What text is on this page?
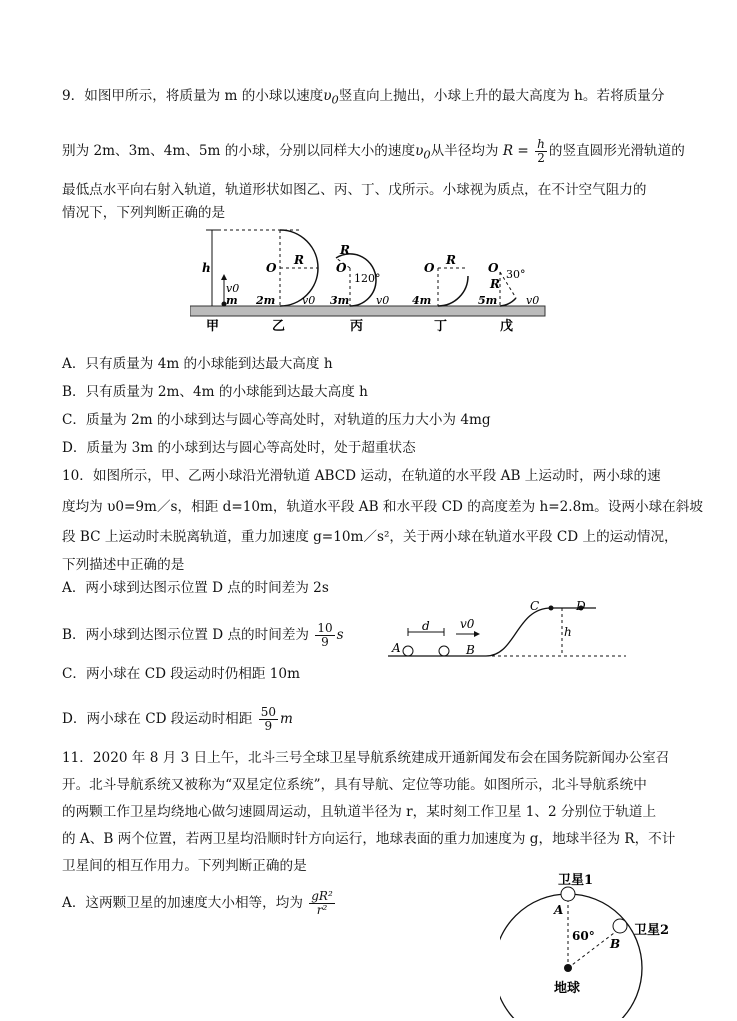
9．如图甲所示，将质量为 m 的小球以速度$\upsilon_0$竖直向上抛出，小球上升的最大高度为 h。若将质量分
别为 2m、3m、4m、5m 的小球，分别以同样大小的速度$\upsilon_0$从半径均为 $R = \frac{h}{2}$ 的竖直圆形光滑轨道的
最低点水平向右射入轨道，轨道形状如图乙、丙、丁、戊所示。小球视为质点，在不计空气阻力的
情况下，下列判断正确的是
h
v0
m
O
R
2m v0
乙
O
R
120°
3m v0
丙
O
R
4m
丁
O
R
30°
5m	v0
戊
甲
A．只有质量为 4m 的小球能到达最大高度 h
B．只有质量为 2m、4m 的小球能到达最大高度 h
C．质量为 2m 的小球到达与圆心等高处时，对轨道的压力大小为 4mg
D．质量为 3m 的小球到达与圆心等高处时，处于超重状态
10．如图所示，甲、乙两小球沿光滑轨道 ABCD 运动，在轨道的水平段 AB 上运动时，两小球的速
度均为 υ0=9m／s，相距 d=10m，轨道水平段 AB 和水平段 CD 的高度差为 h=2.8m。设两小球在斜坡
段 BC 上运动时未脱离轨道，重力加速度 g=10m／s²，关于两小球在轨道水平段 CD 上的运动情况，
下列描述中正确的是
A．两小球到达图示位置 D 点的时间差为 2s
B．两小球到达图示位置 D 点的时间差为 $\frac{10}{9}$ s
C．两小球在 CD 段运动时仍相距 10m
D．两小球在 CD 段运动时相距 $\frac{50}{9}$ m
A	B
C	D
d	v0
h
11．2020 年 8 月 3 日上午，北斗三号全球卫星导航系统建成开通新闻发布会在国务院新闻办公室召
开。北斗导航系统又被称为“双星定位系统”，具有导航、定位等功能。如图所示，北斗导航系统中
的两颗工作卫星均绕地心做匀速圆周运动，且轨道半径为 r，某时刻工作卫星 1、2 分别位于轨道上
的 A、B 两个位置，若两卫星均沿顺时针方向运行，地球表面的重力加速度为 g，地球半径为 R，不计
卫星间的相互作用力。下列判断正确的是
A．这两颗卫星的加速度大小相等，均为 $\frac{\text{gR²}}{\text{r²}}$
卫星1
卫星2
A
B
60°
地球
